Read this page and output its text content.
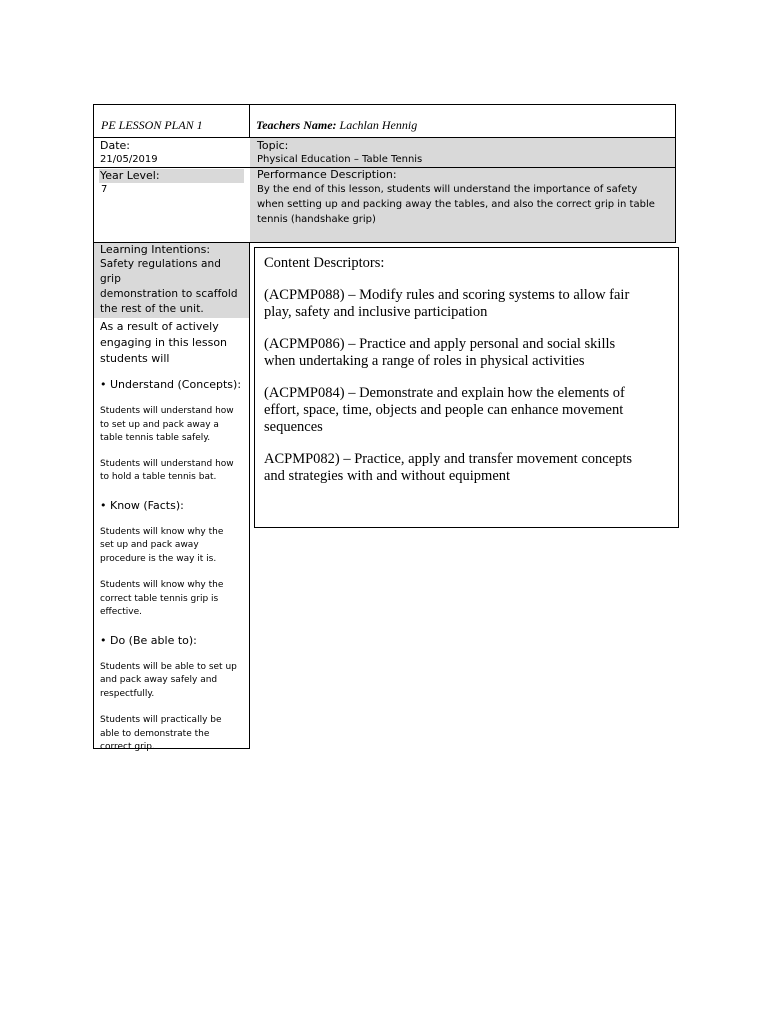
PE LESSON PLAN 1	Teachers Name: Lachlan Hennig
Date:
21/05/2019
Topic:
Physical Education – Table Tennis
Year Level:
7
Performance Description:
By the end of this lesson, students will understand the importance of safety
when setting up and packing away the tables, and also the correct grip in table
tennis (handshake grip)
Learning Intentions:
Safety regulations and grip
demonstration to scaffold
the rest of the unit.
As a result of actively
engaging in this lesson
students will
• Understand (Concepts):
Students will understand how
to set up and pack away a
table tennis table safely.
Students will understand how
to hold a table tennis bat.
• Know (Facts):
Students will know why the
set up and pack away
procedure is the way it is.
Students will know why the
correct table tennis grip is
effective.
• Do (Be able to):
Students will be able to set up
and pack away safely and
respectfully.
Students will practically be
able to demonstrate the
correct grip.

Content Descriptors:

(ACPMP088) – Modify rules and scoring systems to allow fair
play, safety and inclusive participation

(ACPMP086) – Practice and apply personal and social skills
when undertaking a range of roles in physical activities

(ACPMP084) – Demonstrate and explain how the elements of
effort, space, time, objects and people can enhance movement
sequences

ACPMP082) – Practice, apply and transfer movement concepts
and strategies with and without equipment
